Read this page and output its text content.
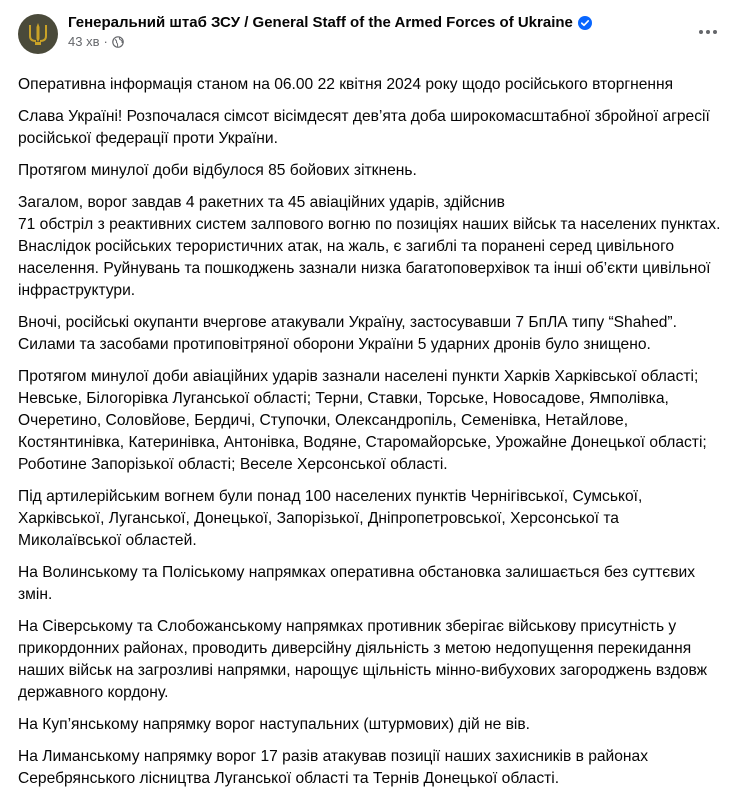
Генеральний штаб ЗСУ / General Staff of the Armed Forces of Ukraine
43 хв ·

Оперативна інформація станом на 06.00 22 квітня 2024 року щодо російського вторгнення

Слава Україні! Розпочалася сімсот вісімдесят дев’ята доба широкомасштабної збройної агресії російської федерації проти України.

Протягом минулої доби відбулося 85 бойових зіткнень.

Загалом, ворог завдав 4 ракетних та 45 авіаційних ударів, здійснив
71 обстріл з реактивних систем залпового вогню по позиціях наших військ та населених пунктах. Внаслідок російських терористичних атак, на жаль, є загиблі та поранені серед цивільного населення. Руйнувань та пошкоджень зазнали низка багатоповерхівок та інші об’єкти цивільної інфраструктури.

Вночі, російські окупанти вчергове атакували Україну, застосувавши 7 БпЛА типу “Shahed”. Силами та засобами протиповітряної оборони України 5 ударних дронів було знищено.

Протягом минулої доби авіаційних ударів зазнали населені пункти Харків Харківської області; Невське, Білогорівка Луганської області; Терни, Ставки, Торське, Новосадове, Ямполівка, Очеретино, Соловйове, Бердичі, Ступочки, Олександропіль, Семенівка, Нетайлове, Костянтинівка, Катеринівка, Антонівка, Водяне, Старомайорське, Урожайне Донецької області; Роботине Запорізької області; Веселе Херсонської області.

Під артилерійським вогнем були понад 100 населених пунктів Чернігівської, Сумської, Харківської, Луганської, Донецької, Запорізької, Дніпропетровської, Херсонської та Миколаївської областей.

На Волинському та Поліському напрямках оперативна обстановка залишається без суттєвих змін.

На Сіверському та Слобожанському напрямках противник зберігає військову присутність у прикордонних районах, проводить диверсійну діяльність з метою недопущення перекидання наших військ на загрозливі напрямки, нарощує щільність мінно-вибухових загороджень вздовж державного кордону.

На Куп’янському напрямку ворог наступальних (штурмових) дій не вів.

На Лиманському напрямку ворог 17 разів атакував позиції наших захисників в районах Серебрянського лісництва Луганської області та Тернів Донецької області.
